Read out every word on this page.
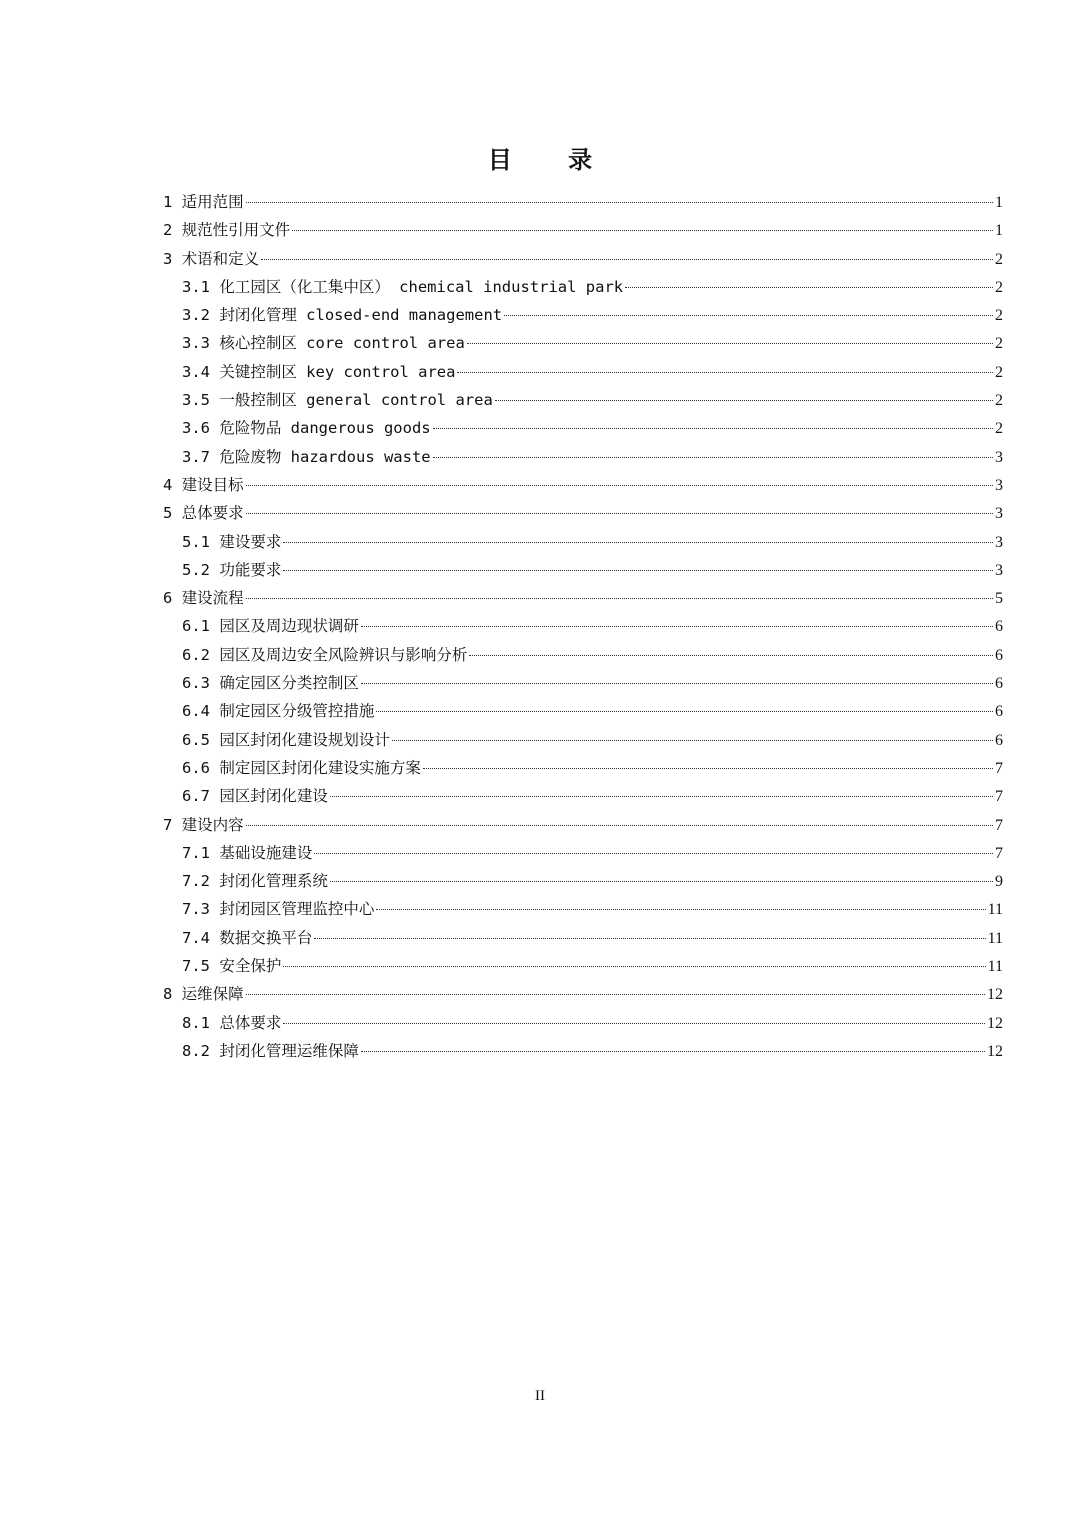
目 录
1 适用范围	1
2 规范性引用文件	1
3 术语和定义	2
3.1 化工园区（化工集中区） chemical industrial park	2
3.2 封闭化管理 closed-end management	2
3.3 核心控制区 core control area	2
3.4 关键控制区 key control area	2
3.5 一般控制区 general control area	2
3.6 危险物品 dangerous goods	2
3.7 危险废物 hazardous waste	3
4 建设目标	3
5 总体要求	3
5.1 建设要求	3
5.2 功能要求	3
6 建设流程	5
6.1 园区及周边现状调研	6
6.2 园区及周边安全风险辨识与影响分析	6
6.3 确定园区分类控制区	6
6.4 制定园区分级管控措施	6
6.5 园区封闭化建设规划设计	6
6.6 制定园区封闭化建设实施方案	7
6.7 园区封闭化建设	7
7 建设内容	7
7.1 基础设施建设	7
7.2 封闭化管理系统	9
7.3 封闭园区管理监控中心	11
7.4 数据交换平台	11
7.5 安全保护	11
8 运维保障	12
8.1 总体要求	12
8.2 封闭化管理运维保障	12
II
